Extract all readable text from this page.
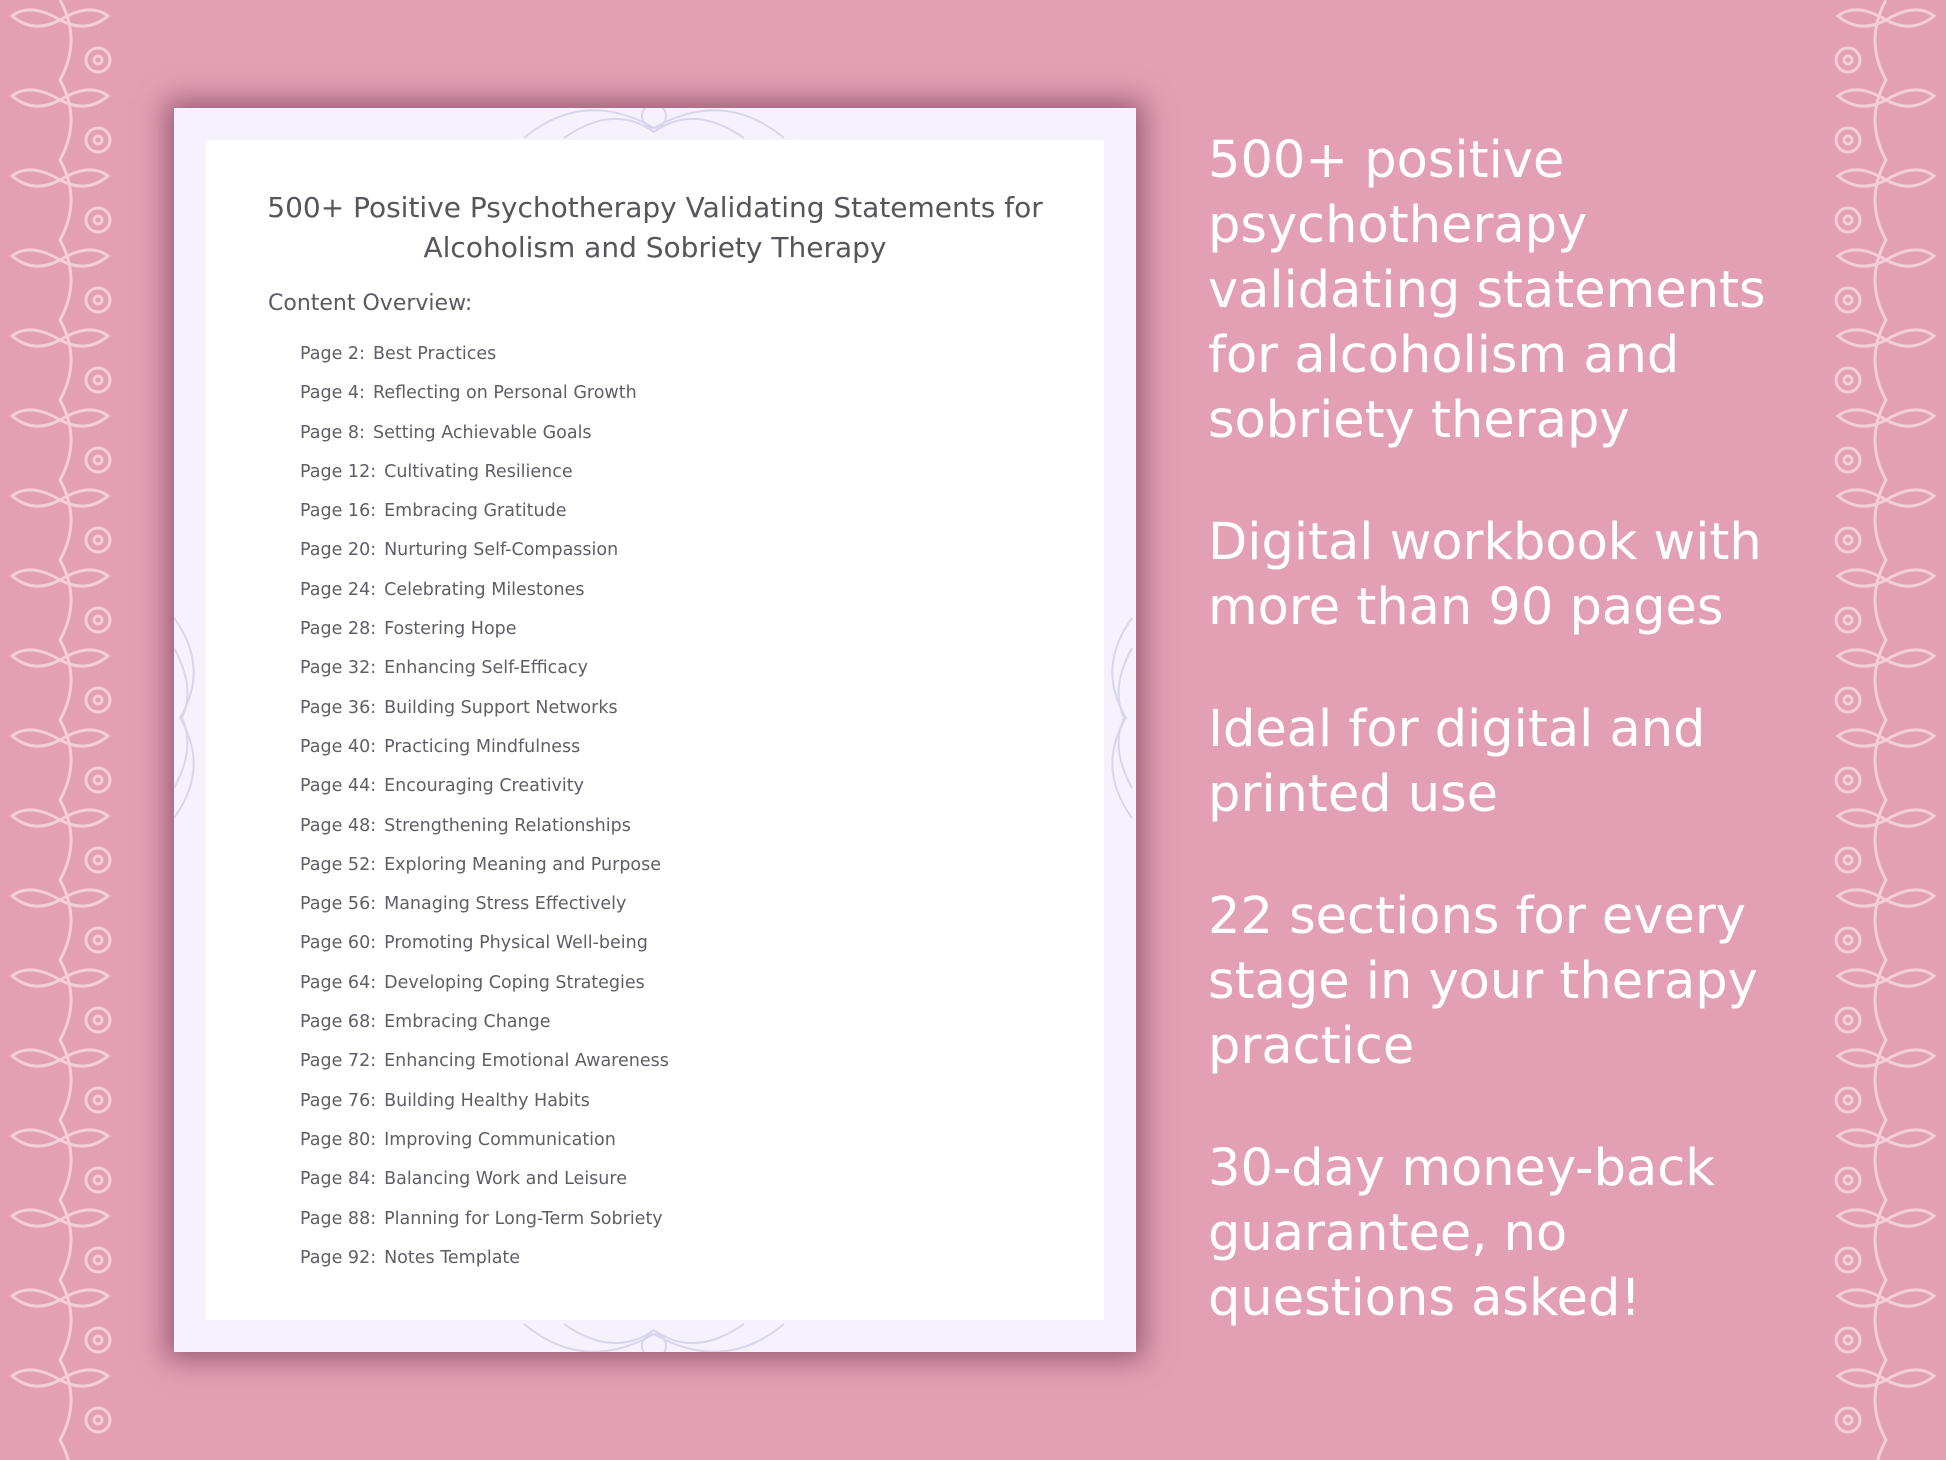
500+ Positive Psychotherapy Validating Statements for
Alcoholism and Sobriety Therapy
Content Overview:
Page 2: Best Practices
Page 4: Reflecting on Personal Growth
Page 8: Setting Achievable Goals
Page 12: Cultivating Resilience
Page 16: Embracing Gratitude
Page 20: Nurturing Self-Compassion
Page 24: Celebrating Milestones
Page 28: Fostering Hope
Page 32: Enhancing Self-Efficacy
Page 36: Building Support Networks
Page 40: Practicing Mindfulness
Page 44: Encouraging Creativity
Page 48: Strengthening Relationships
Page 52: Exploring Meaning and Purpose
Page 56: Managing Stress Effectively
Page 60: Promoting Physical Well-being
Page 64: Developing Coping Strategies
Page 68: Embracing Change
Page 72: Enhancing Emotional Awareness
Page 76: Building Healthy Habits
Page 80: Improving Communication
Page 84: Balancing Work and Leisure
Page 88: Planning for Long-Term Sobriety
Page 92: Notes Template
500+ positive
psychotherapy
validating statements
for alcoholism and
sobriety therapy
Digital workbook with
more than 90 pages
Ideal for digital and
printed use
22 sections for every
stage in your therapy
practice
30-day money-back
guarantee, no
questions asked!
